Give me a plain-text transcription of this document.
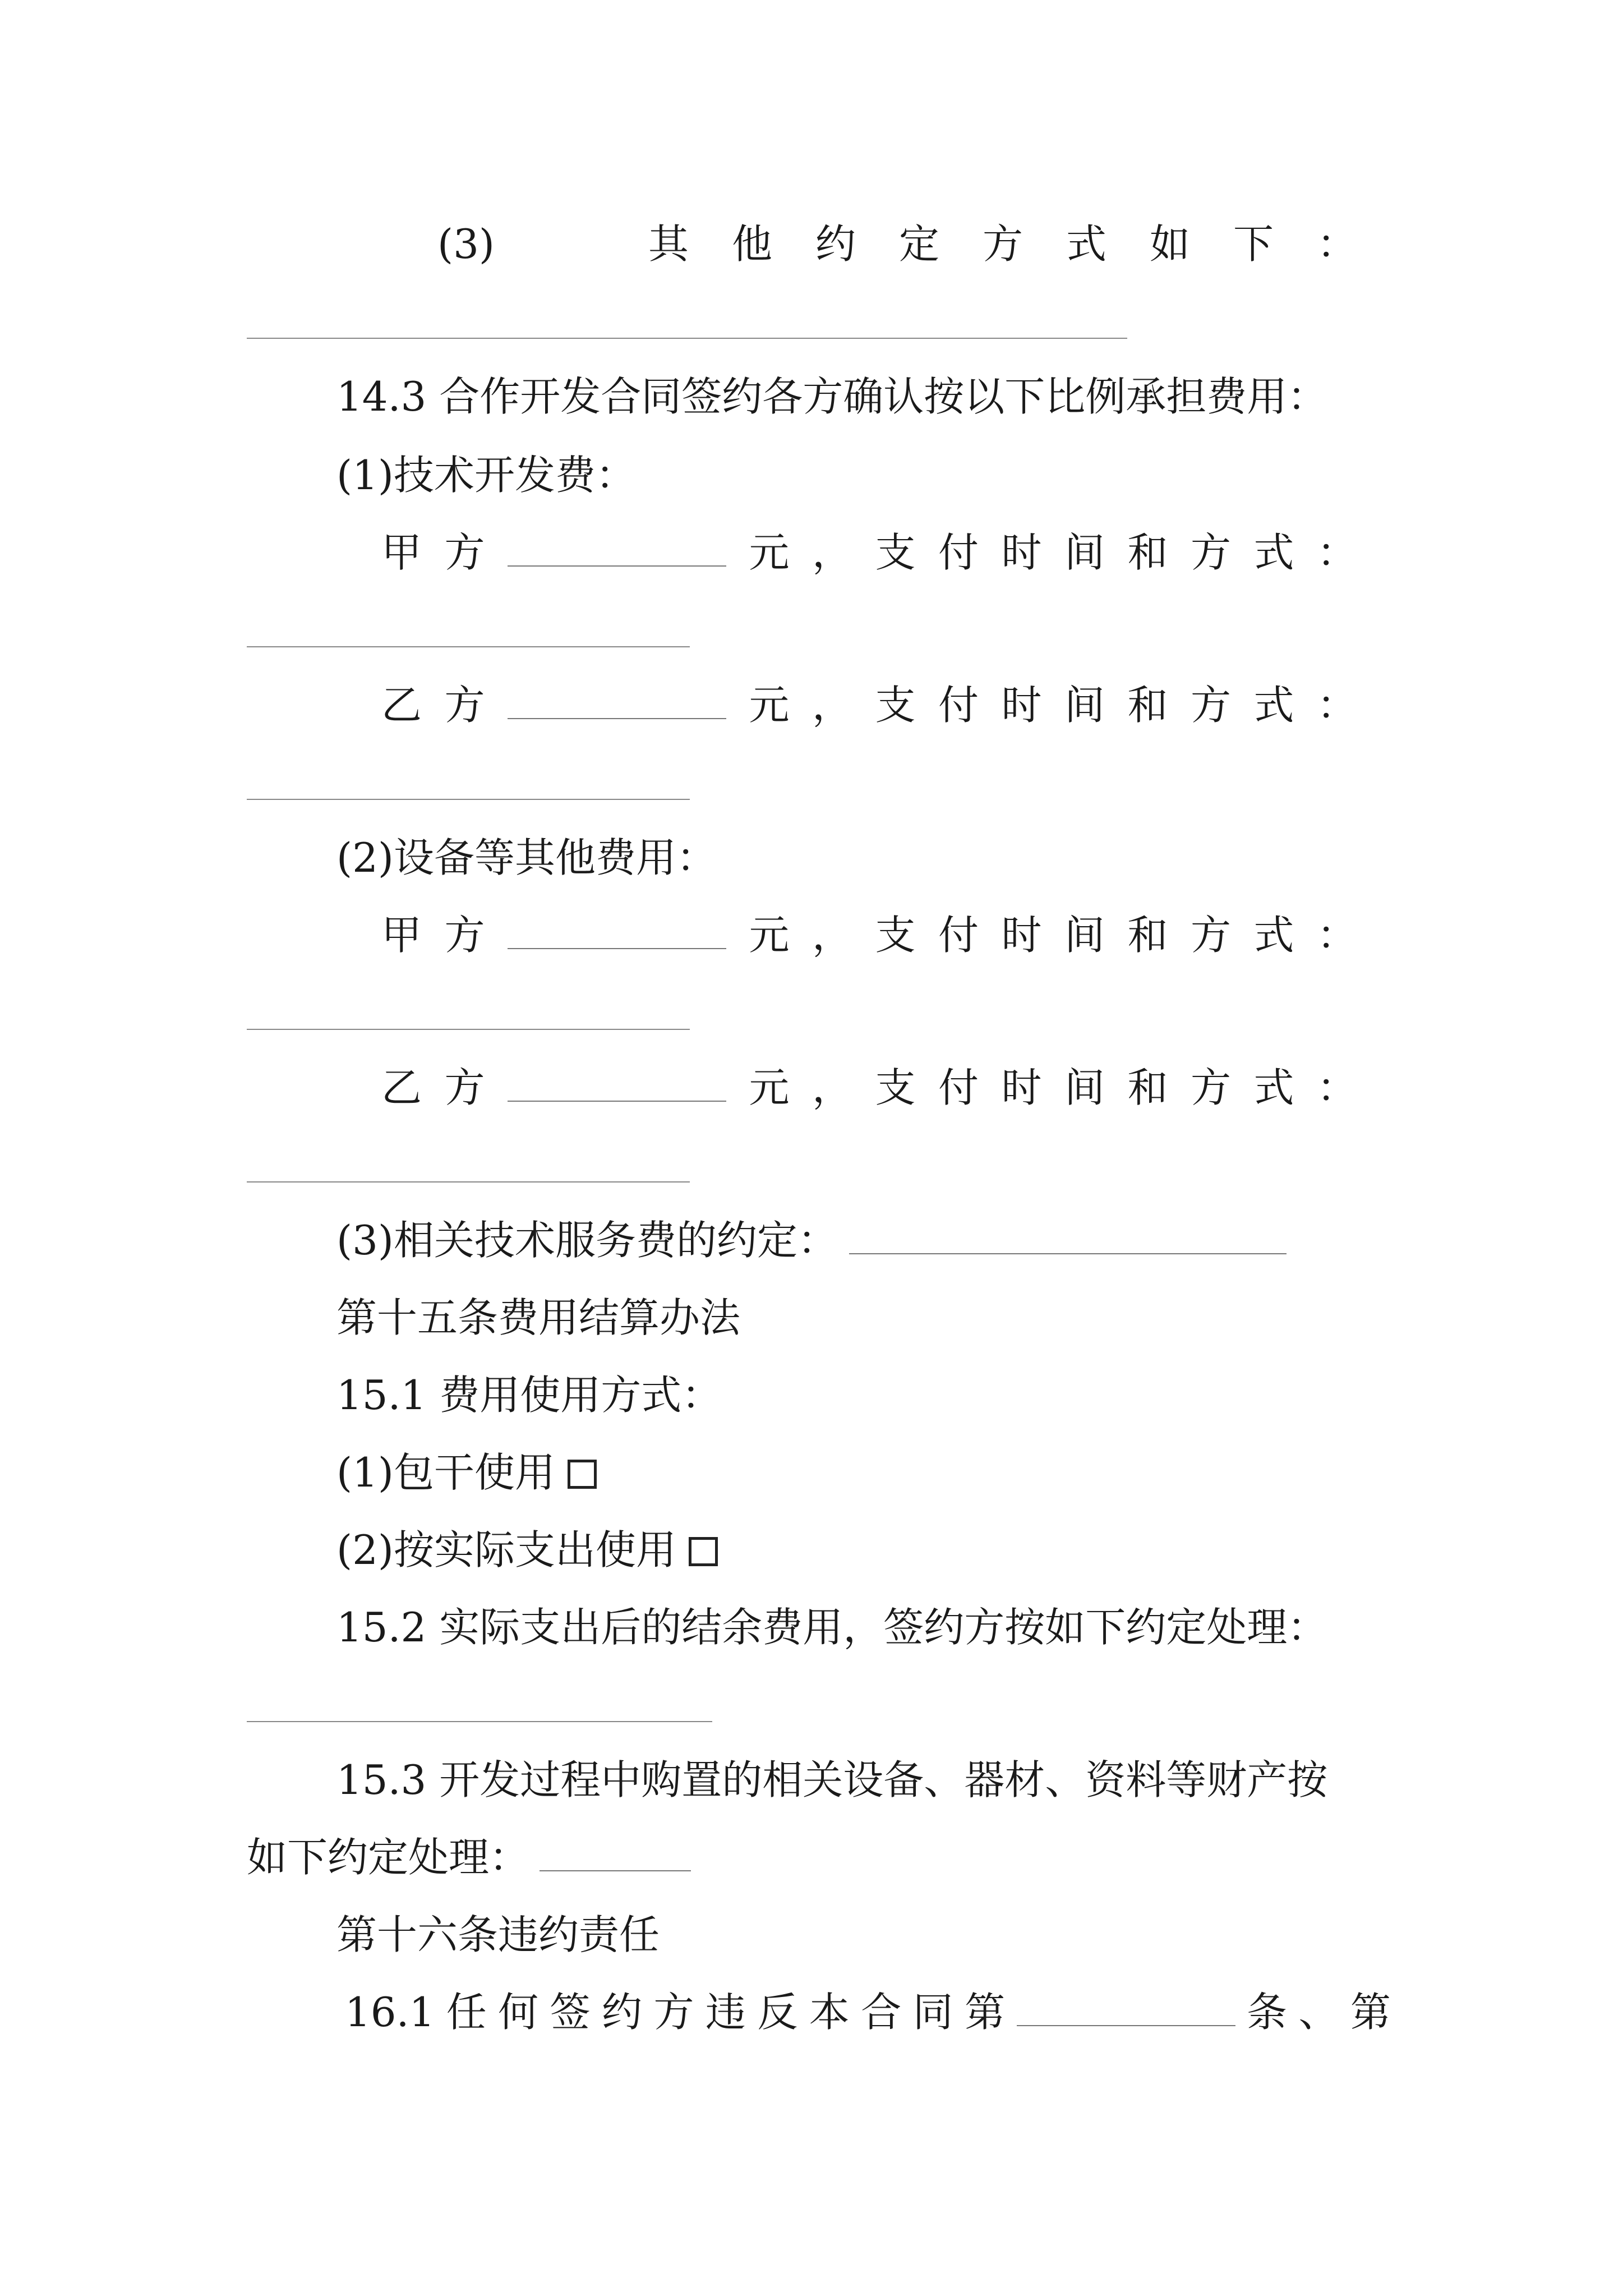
(3)	其 他 约 定 方 式 如 下 ：
14.3 合作开发合同签约各方确认按以下比例承担费用：
(1)技术开发费：
甲 方	元 ， 支 付 时 间 和 方 式 ：
乙 方	元 ， 支 付 时 间 和 方 式 ：
(2)设备等其他费用：
甲 方	元 ， 支 付 时 间 和 方 式 ：
乙 方	元 ， 支 付 时 间 和 方 式 ：
(3)相关技术服务费的约定：
第十五条费用结算办法
15.1 费用使用方式：
(1)包干使用
(2)按实际支出使用
15.2 实际支出后的结余费用，签约方按如下约定处理：
15.3 开发过程中购置的相关设备、器材、资料等财产按
如下约定处理：
第十六条违约责任
16.1 任 何 签 约 方 违 反 本 合 同 第	条 、 第
